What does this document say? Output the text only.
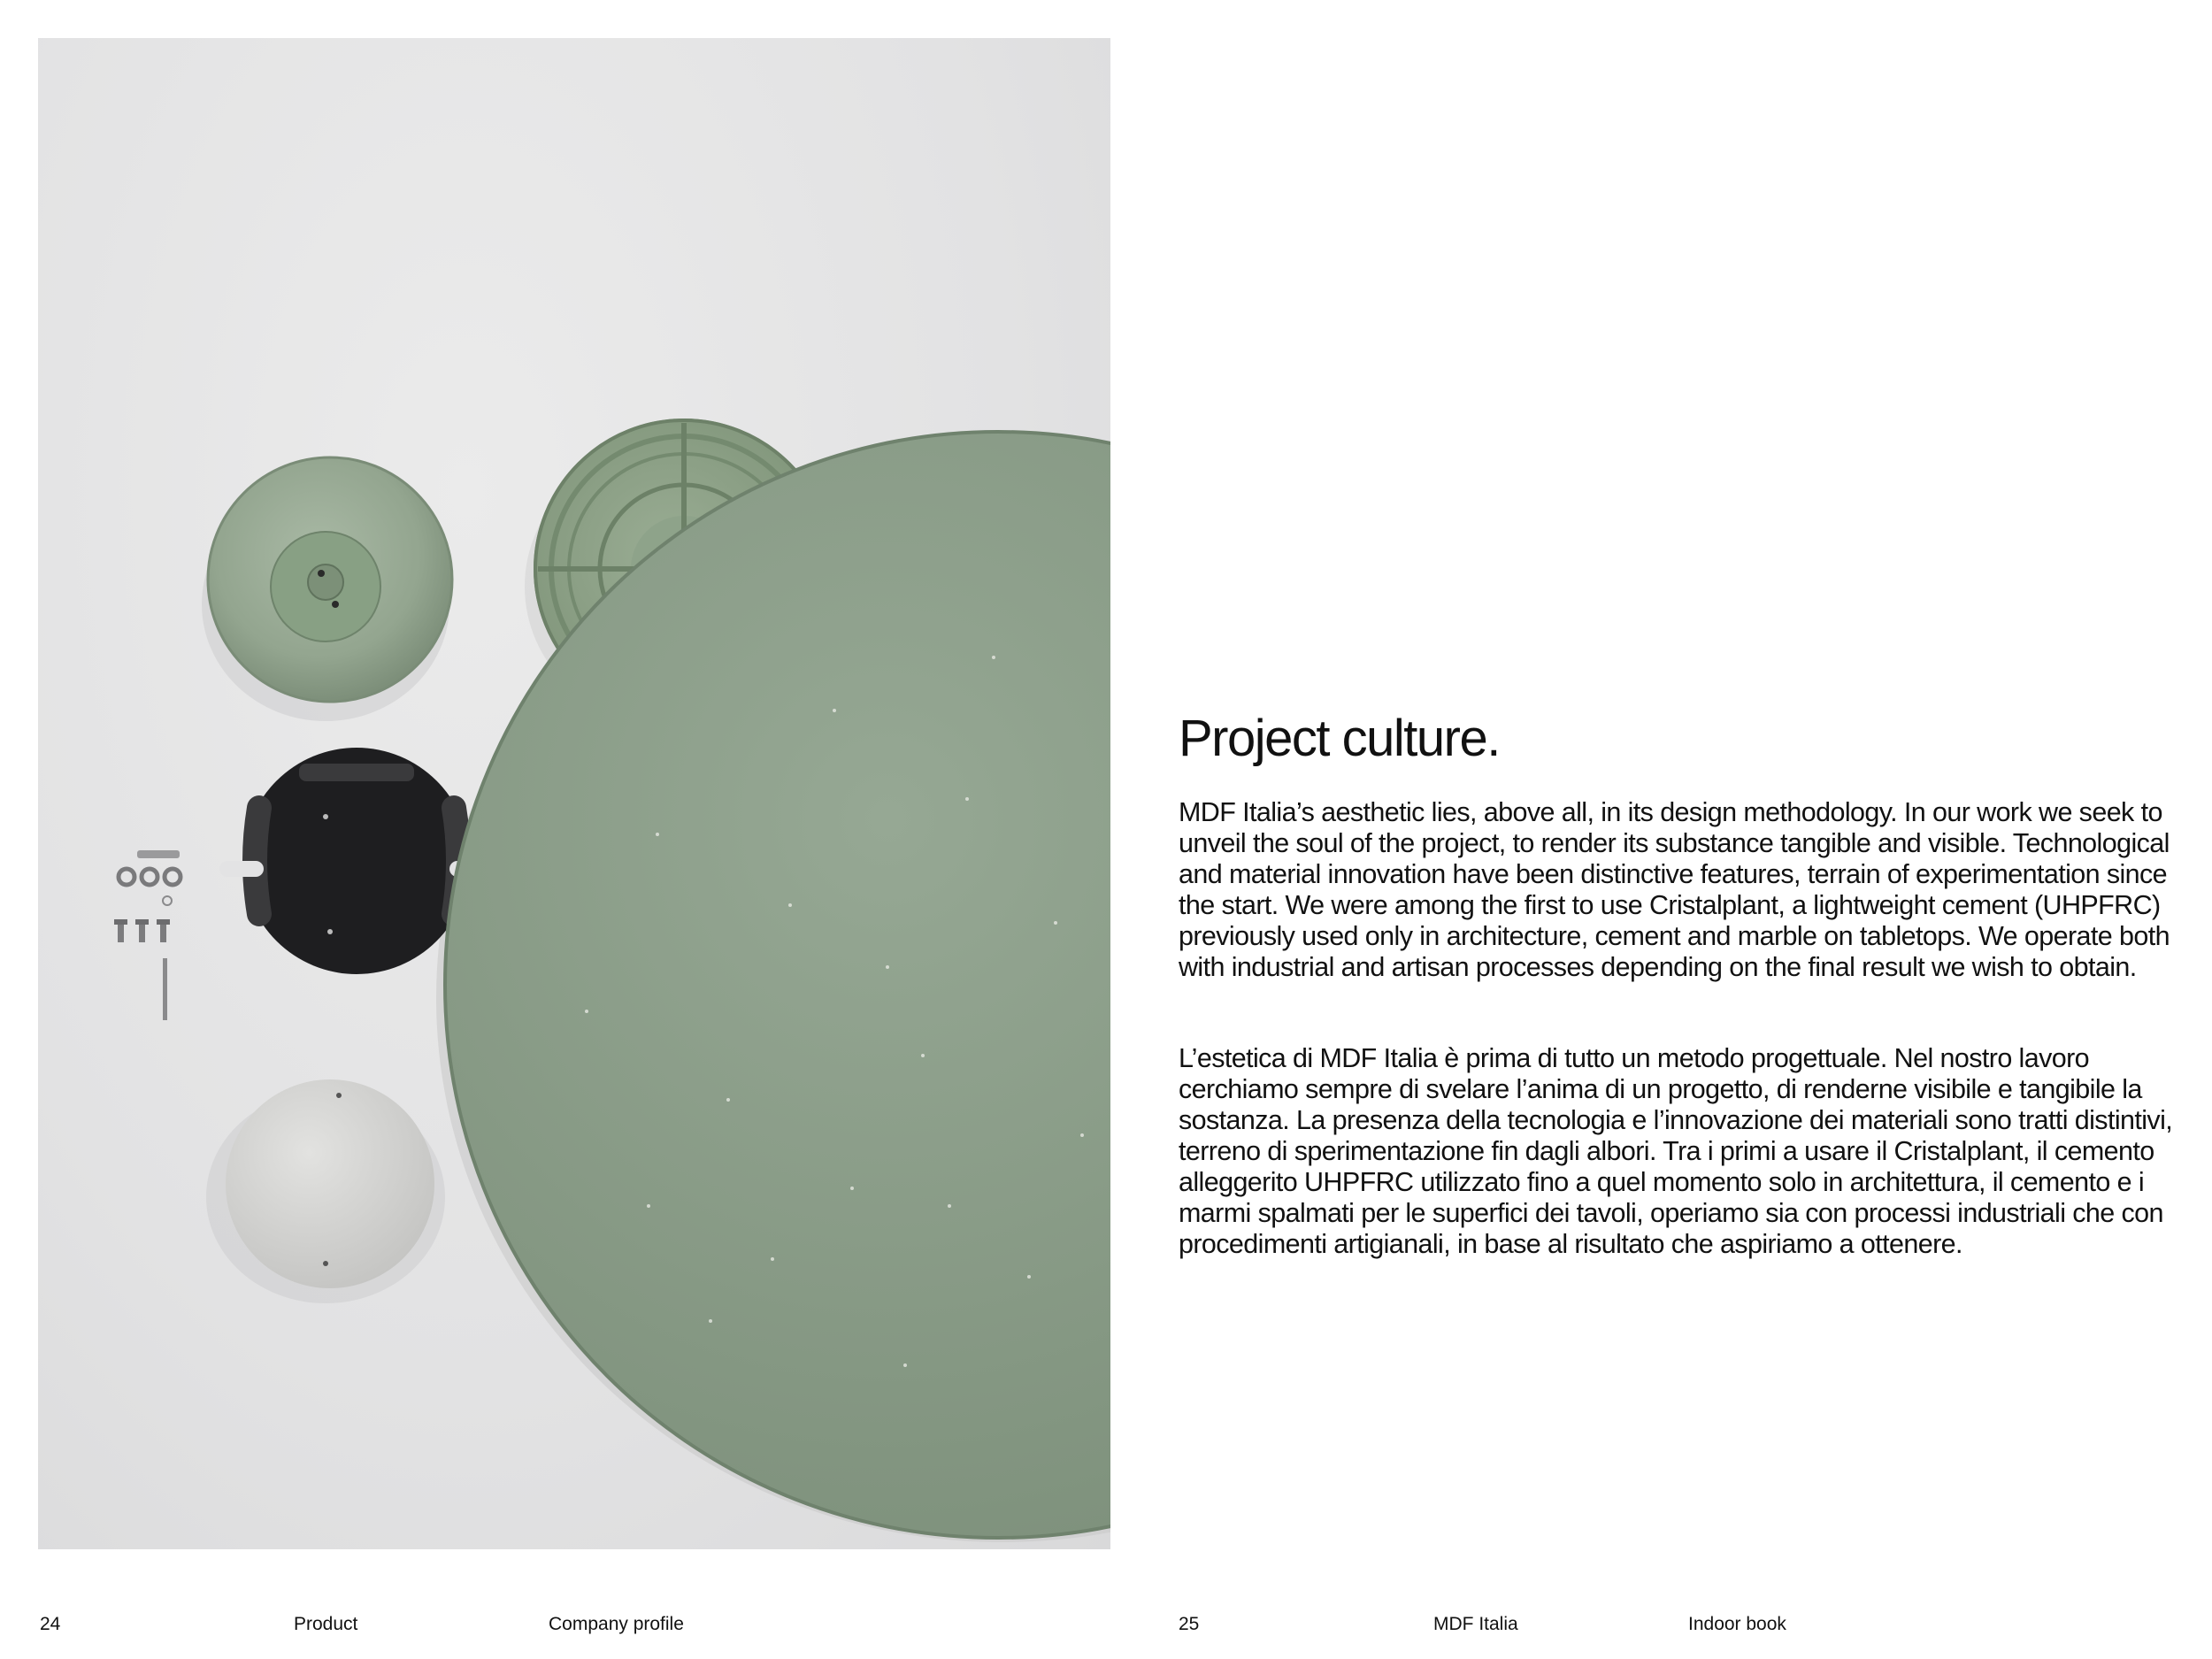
Project culture.

MDF Italia’s aesthetic lies, above all, in its design methodology. In our work we seek to unveil the soul of the project, to render its substance tangible and visible. Technological and material innovation have been distinctive features, terrain of experimentation since the start. We were among the first to use Cristalplant, a lightweight cement (UHPFRC) previously used only in architecture, cement and marble on tabletops. We operate both with industrial and artisan processes depending on the final result we wish to obtain.

L’estetica di MDF Italia è prima di tutto un metodo progettuale. Nel nostro lavoro cerchiamo sempre di svelare l’anima di un progetto, di renderne visibile e tangibile la sostanza. La presenza della tecnologia e l’innovazione dei materiali sono tratti distintivi, terreno di sperimentazione fin dagli albori. Tra i primi a usare il Cristalplant, il cemento alleggerito UHPFRC utilizzato fino a quel momento solo in architettura, il cemento e i marmi spalmati per le superfici dei tavoli, operiamo sia con processi industriali che con procedimenti artigianali, in base al risultato che aspiriamo a ottenere.

24	Product	Company profile	25	MDF Italia	Indoor book
